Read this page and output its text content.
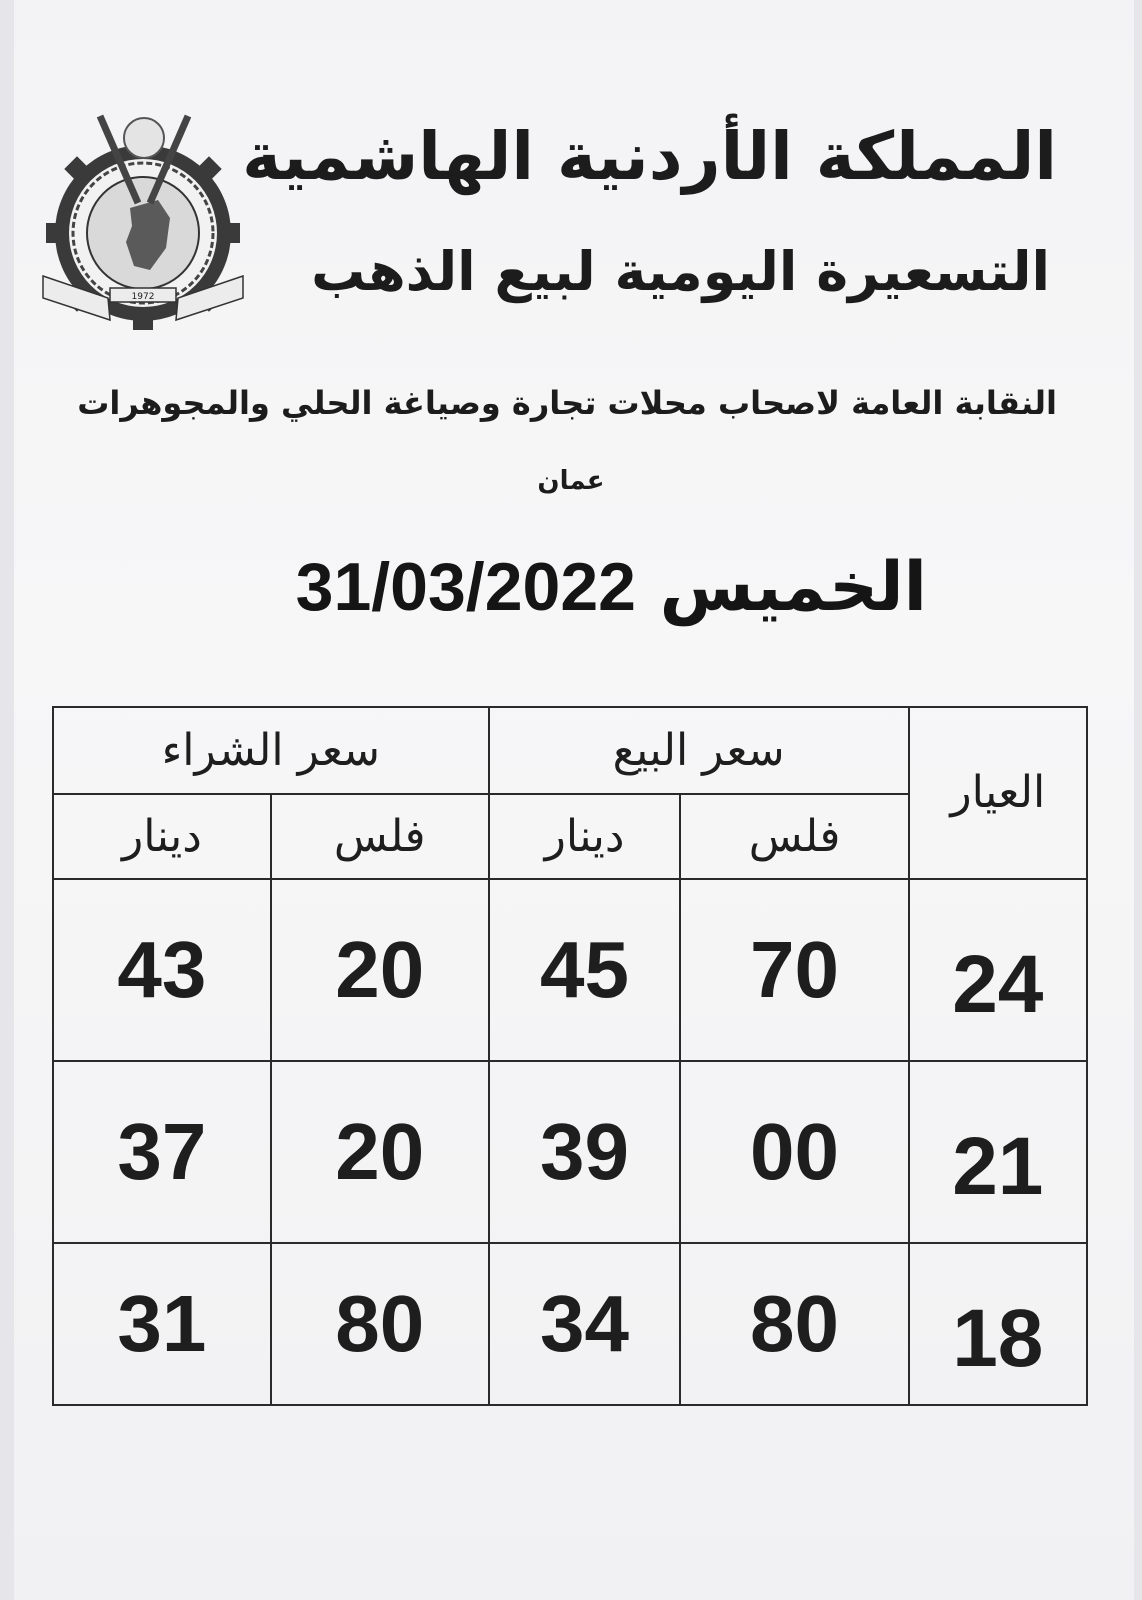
1972
المملكة الأردنية الهاشمية
التسعيرة اليومية لبيع الذهب
النقابة العامة لاصحاب محلات تجارة وصياغة الحلي والمجوهرات
عمان
الخميس 31/03/2022
العيار	سعر البيع		سعر الشراء	
	فلس	دينار	فلس	دينار
24	70	45	20	43
21	00	39	20	37
18	80	34	80	31
